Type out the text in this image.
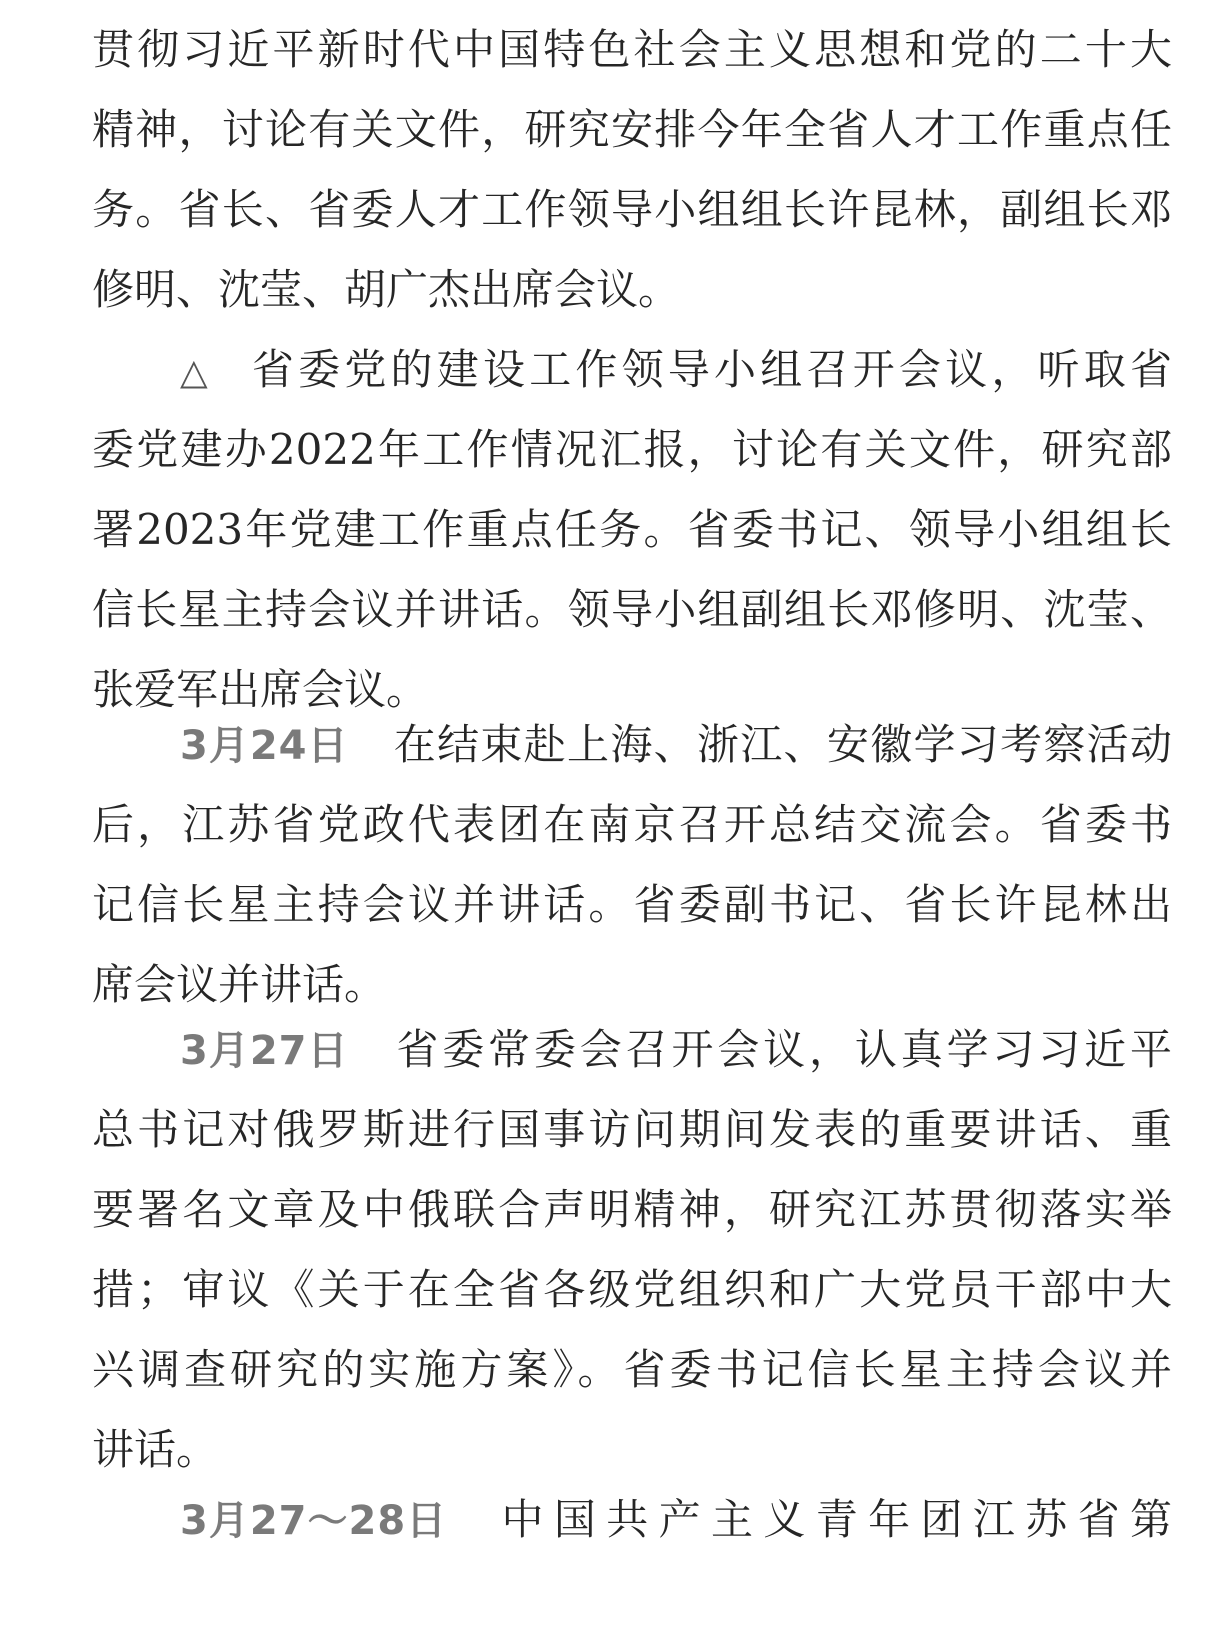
贯彻习近平新时代中国特色社会主义思想和党的二十大
精神，讨论有关文件，研究安排今年全省人才工作重点任
务。省长、省委人才工作领导小组组长许昆林，副组长邓
修明、沈莹、胡广杰出席会议。
△ 省委党的建设工作领导小组召开会议，听取省
委党建办2022年工作情况汇报，讨论有关文件，研究部
署2023年党建工作重点任务。省委书记、领导小组组长
信长星主持会议并讲话。领导小组副组长邓修明、沈莹、
张爱军出席会议。
3月24日 在结束赴上海、浙江、安徽学习考察活动
后，江苏省党政代表团在南京召开总结交流会。省委书
记信长星主持会议并讲话。省委副书记、省长许昆林出
席会议并讲话。
3月27日 省委常委会召开会议，认真学习习近平
总书记对俄罗斯进行国事访问期间发表的重要讲话、重
要署名文章及中俄联合声明精神，研究江苏贯彻落实举
措；审议《关于在全省各级党组织和广大党员干部中大
兴调查研究的实施方案》。省委书记信长星主持会议并
讲话。
3月27～28日 中国共产主义青年团江苏省第
